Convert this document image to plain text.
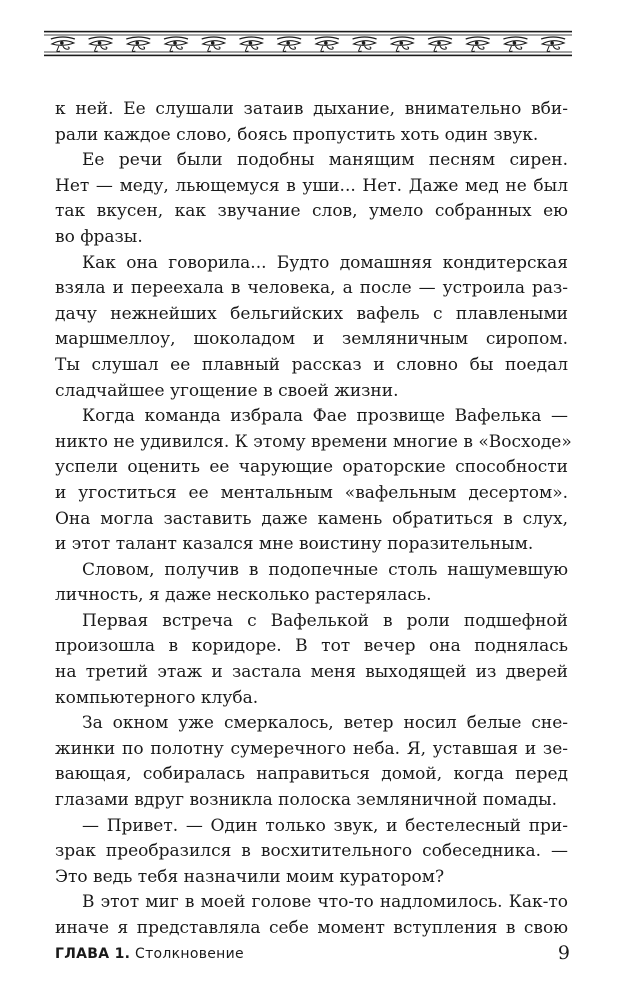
к ней. Ее слушали затаив дыхание, внимательно вби-
рали каждое слово, боясь пропустить хоть один звук.
Ее речи были подобны манящим песням сирен.
Нет — меду, льющемуся в уши... Нет. Даже мед не был
так вкусен, как звучание слов, умело собранных ею
во фразы.
Как она говорила... Будто домашняя кондитерская
взяла и переехала в человека, а после — устроила раз-
дачу нежнейших бельгийских вафель с плавлеными
маршмеллоу, шоколадом и земляничным сиропом.
Ты слушал ее плавный рассказ и словно бы поедал
сладчайшее угощение в своей жизни.
Когда команда избрала Фае прозвище Вафелька —
никто не удивился. К этому времени многие в «Восходе»
успели оценить ее чарующие ораторские способности
и угоститься ее ментальным «вафельным десертом».
Она могла заставить даже камень обратиться в слух,
и этот талант казался мне воистину поразительным.
Словом, получив в подопечные столь нашумевшую
личность, я даже несколько растерялась.
Первая встреча с Вафелькой в роли подшефной
произошла в коридоре. В тот вечер она поднялась
на третий этаж и застала меня выходящей из дверей
компьютерного клуба.
За окном уже смеркалось, ветер носил белые сне-
жинки по полотну сумеречного неба. Я, уставшая и зе-
вающая, собиралась направиться домой, когда перед
глазами вдруг возникла полоска земляничной помады.
— Привет. — Один только звук, и бестелесный при-
зрак преобразился в восхитительного собеседника. —
Это ведь тебя назначили моим куратором?
В этот миг в моей голове что-то надломилось. Как-то
иначе я представляла себе момент вступления в свою
ГЛАВА 1. Столкновение	9
